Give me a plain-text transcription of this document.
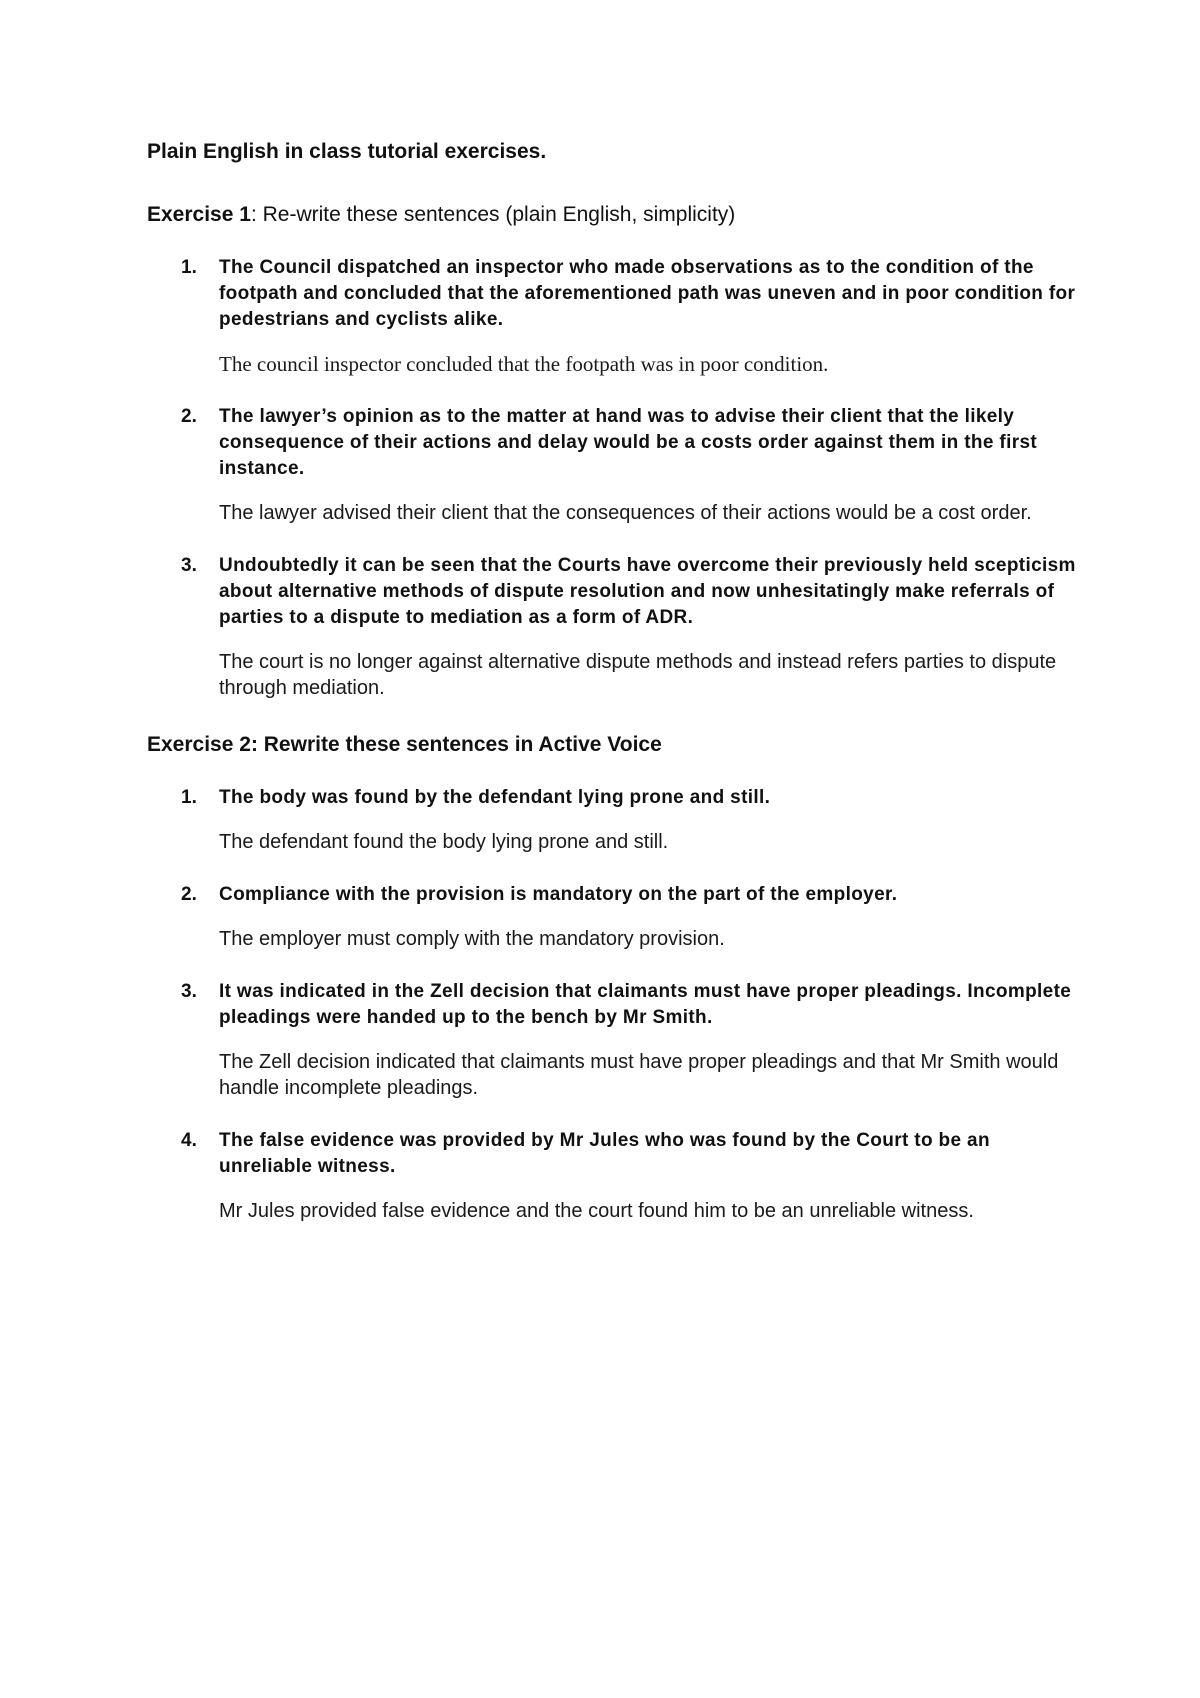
Plain English in class tutorial exercises.
Exercise 1: Re-write these sentences (plain English, simplicity)
1. The Council dispatched an inspector who made observations as to the condition of the footpath and concluded that the aforementioned path was uneven and in poor condition for pedestrians and cyclists alike.

The council inspector concluded that the footpath was in poor condition.

2. The lawyer’s opinion as to the matter at hand was to advise their client that the likely consequence of their actions and delay would be a costs order against them in the first instance.

The lawyer advised their client that the consequences of their actions would be a cost order.

3. Undoubtedly it can be seen that the Courts have overcome their previously held scepticism about alternative methods of dispute resolution and now unhesitatingly make referrals of parties to a dispute to mediation as a form of ADR.

The court is no longer against alternative dispute methods and instead refers parties to dispute through mediation.

Exercise 2: Rewrite these sentences in Active Voice
1. The body was found by the defendant lying prone and still.

The defendant found the body lying prone and still.

2. Compliance with the provision is mandatory on the part of the employer.

The employer must comply with the mandatory provision.

3. It was indicated in the Zell decision that claimants must have proper pleadings. Incomplete pleadings were handed up to the bench by Mr Smith.

The Zell decision indicated that claimants must have proper pleadings and that Mr Smith would handle incomplete pleadings.

4. The false evidence was provided by Mr Jules who was found by the Court to be an unreliable witness.

Mr Jules provided false evidence and the court found him to be an unreliable witness.
